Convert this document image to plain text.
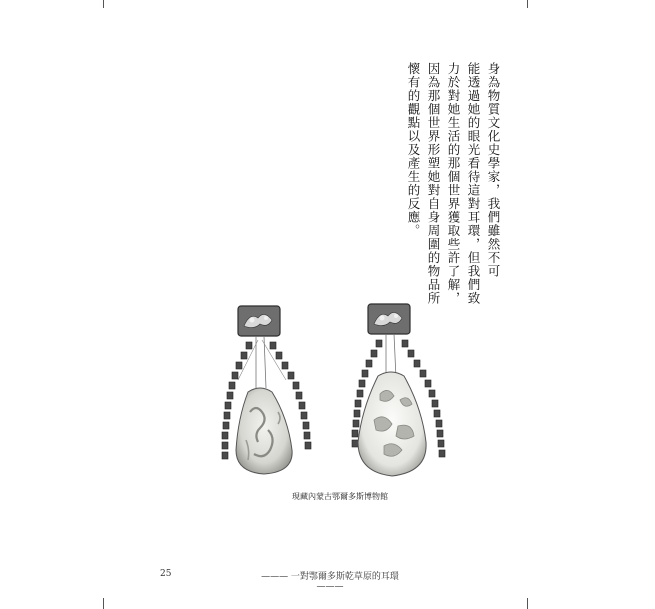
身為物質文化史學家，我們雖然不可

能透過她的眼光看待這對耳環，但我們致

力於對她生活的那個世界獲取些許了解，

因為那個世界形塑她對自身周圍的物品所

懷有的觀點以及產生的反應。

現藏內蒙古鄂爾多斯博物館
25	——— 一對鄂爾多斯乾草原的耳環 ———
